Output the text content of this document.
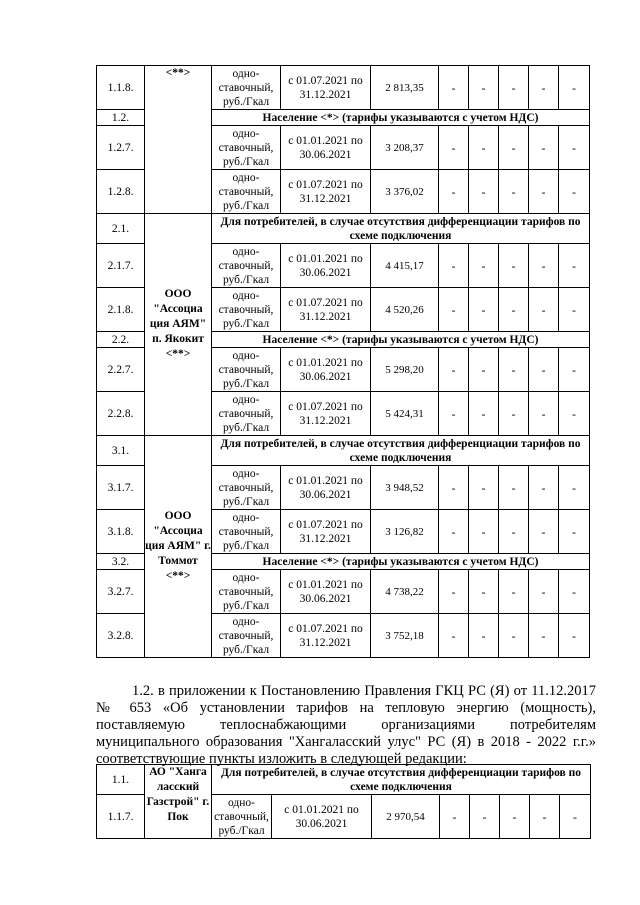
1.1.8.	<**>	одно-ставочный, руб./Гкал	с 01.07.2021 по 31.12.2021	2 813,35	-	-	-	-	-
1.2.		Население <*> (тарифы указываются с учетом НДС)							
1.2.7.		одно-ставочный, руб./Гкал	с 01.01.2021 по 30.06.2021	3 208,37	-	-	-	-	-
1.2.8.		одно-ставочный, руб./Гкал	с 01.07.2021 по 31.12.2021	3 376,02	-	-	-	-	-
2.1.	ООО "Ассоциа ция АЯМ" п. Якокит <**>	Для потребителей, в случае отсутствия дифференциации тарифов по схеме подключения							
2.1.7.		одно-ставочный, руб./Гкал	с 01.01.2021 по 30.06.2021	4 415,17	-	-	-	-	-
2.1.8.		одно-ставочный, руб./Гкал	с 01.07.2021 по 31.12.2021	4 520,26	-	-	-	-	-
2.2.		Население <*> (тарифы указываются с учетом НДС)							
2.2.7.		одно-ставочный, руб./Гкал	с 01.01.2021 по 30.06.2021	5 298,20	-	-	-	-	-
2.2.8.		одно-ставочный, руб./Гкал	с 01.07.2021 по 31.12.2021	5 424,31	-	-	-	-	-
3.1.	ООО "Ассоциа ция АЯМ" г. Томмот <**>	Для потребителей, в случае отсутствия дифференциации тарифов по схеме подключения							
3.1.7.		одно-ставочный, руб./Гкал	с 01.01.2021 по 30.06.2021	3 948,52	-	-	-	-	-
3.1.8.		одно-ставочный, руб./Гкал	с 01.07.2021 по 31.12.2021	3 126,82	-	-	-	-	-
3.2.		Население <*> (тарифы указываются с учетом НДС)							
3.2.7.		одно-ставочный, руб./Гкал	с 01.01.2021 по 30.06.2021	4 738,22	-	-	-	-	-
3.2.8.		одно-ставочный, руб./Гкал	с 01.07.2021 по 31.12.2021	3 752,18	-	-	-	-	-

1.2. в приложении к Постановлению Правления ГКЦ РС (Я) от 11.12.2017 № 653 «Об установлении тарифов на тепловую энергию (мощность), поставляемую теплоснабжающими организациями потребителям муниципального образования "Хангаласский улус" РС (Я) в 2018 - 2022 г.г.» соответствующие пункты изложить в следующей редакции:

1.1.	АО "Ханга ласский Газстрой" г. Пок	Для потребителей, в случае отсутствия дифференциации тарифов по схеме подключения							
1.1.7.		одно-ставочный, руб./Гкал	с 01.01.2021 по 30.06.2021	2 970,54	-	-	-	-	-
